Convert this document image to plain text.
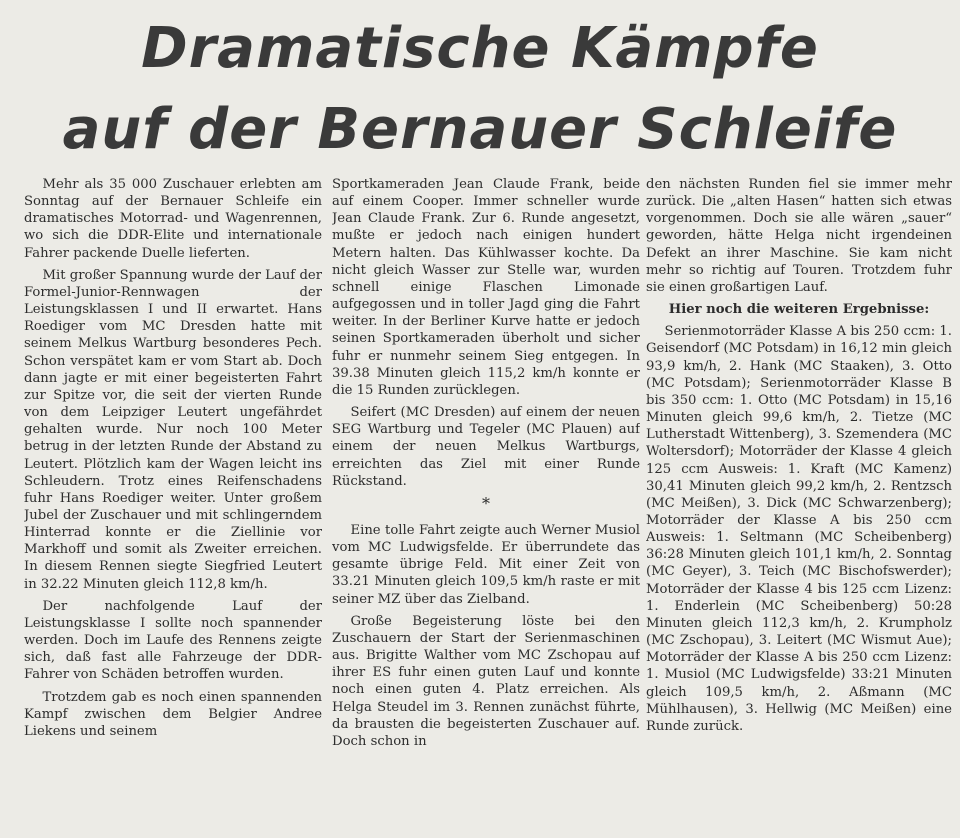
Dramatische Kämpfe
auf der Bernauer Schleife

Mehr als 35 000 Zuschauer erlebten am Sonntag auf der Bernauer Schleife ein dramatisches Motorrad- und Wagenrennen, wo sich die DDR-Elite und internationale Fahrer packende Duelle lieferten.

Mit großer Spannung wurde der Lauf der Formel-Junior-Rennwagen der Leistungsklassen I und II erwartet. Hans Roediger vom MC Dresden hatte mit seinem Melkus Wartburg besonderes Pech. Schon verspätet kam er vom Start ab. Doch dann jagte er mit einer begeisterten Fahrt zur Spitze vor, die seit der vierten Runde von dem Leipziger Leutert ungefährdet gehalten wurde. Nur noch 100 Meter betrug in der letzten Runde der Abstand zu Leutert. Plötzlich kam der Wagen leicht ins Schleudern. Trotz eines Reifenschadens fuhr Hans Roediger weiter. Unter großem Jubel der Zuschauer und mit schlingerndem Hinterrad konnte er die Ziellinie vor Markhoff und somit als Zweiter erreichen. In diesem Rennen siegte Siegfried Leutert in 32.22 Minuten gleich 112,8 km/h.

Der nachfolgende Lauf der Leistungsklasse I sollte noch spannender werden. Doch im Laufe des Rennens zeigte sich, daß fast alle Fahrzeuge der DDR-Fahrer von Schäden betroffen wurden.

Trotzdem gab es noch einen spannenden Kampf zwischen dem Belgier Andree Liekens und seinem

Sportkameraden Jean Claude Frank, beide auf einem Cooper. Immer schneller wurde Jean Claude Frank. Zur 6. Runde angesetzt, mußte er jedoch nach einigen hundert Metern halten. Das Kühlwasser kochte. Da nicht gleich Wasser zur Stelle war, wurden schnell einige Flaschen Limonade aufgegossen und in toller Jagd ging die Fahrt weiter. In der Berliner Kurve hatte er jedoch seinen Sportkameraden überholt und sicher fuhr er nunmehr seinem Sieg entgegen. In 39.38 Minuten gleich 115,2 km/h konnte er die 15 Runden zurücklegen.

Seifert (MC Dresden) auf einem der neuen SEG Wartburg und Tegeler (MC Plauen) auf einem der neuen Melkus Wartburgs, erreichten das Ziel mit einer Runde Rückstand.

*

Eine tolle Fahrt zeigte auch Werner Musiol vom MC Ludwigsfelde. Er überrundete das gesamte übrige Feld. Mit einer Zeit von 33.21 Minuten gleich 109,5 km/h raste er mit seiner MZ über das Zielband.

Große Begeisterung löste bei den Zuschauern der Start der Serienmaschinen aus. Brigitte Walther vom MC Zschopau auf ihrer ES fuhr einen guten Lauf und konnte noch einen guten 4. Platz erreichen. Als Helga Steudel im 3. Rennen zunächst führte, da brausten die begeisterten Zuschauer auf. Doch schon in

den nächsten Runden fiel sie immer mehr zurück. Die „alten Hasen“ hatten sich etwas vorgenommen. Doch sie alle wären „sauer“ geworden, hätte Helga nicht irgendeinen Defekt an ihrer Maschine. Sie kam nicht mehr so richtig auf Touren. Trotzdem fuhr sie einen großartigen Lauf.

Hier noch die weiteren Ergebnisse:

Serienmotorräder Klasse A bis 250 ccm: 1. Geisendorf (MC Potsdam) in 16,12 min gleich 93,9 km/h, 2. Hank (MC Staaken), 3. Otto (MC Potsdam); Serienmotorräder Klasse B bis 350 ccm: 1. Otto (MC Potsdam) in 15,16 Minuten gleich 99,6 km/h, 2. Tietze (MC Lutherstadt Wittenberg), 3. Szemendera (MC Woltersdorf); Motorräder der Klasse 4 gleich 125 ccm Ausweis: 1. Kraft (MC Kamenz) 30,41 Minuten gleich 99,2 km/h, 2. Rentzsch (MC Meißen), 3. Dick (MC Schwarzenberg); Motorräder der Klasse A bis 250 ccm Ausweis: 1. Seltmann (MC Scheibenberg) 36:28 Minuten gleich 101,1 km/h, 2. Sonntag (MC Geyer), 3. Teich (MC Bischofswerder); Motorräder der Klasse 4 bis 125 ccm Lizenz: 1. Enderlein (MC Scheibenberg) 50:28 Minuten gleich 112,3 km/h, 2. Krumpholz (MC Zschopau), 3. Leitert (MC Wismut Aue); Motorräder der Klasse A bis 250 ccm Lizenz: 1. Musiol (MC Ludwigsfelde) 33:21 Minuten gleich 109,5 km/h, 2. Aßmann (MC Mühlhausen), 3. Hellwig (MC Meißen) eine Runde zurück.
